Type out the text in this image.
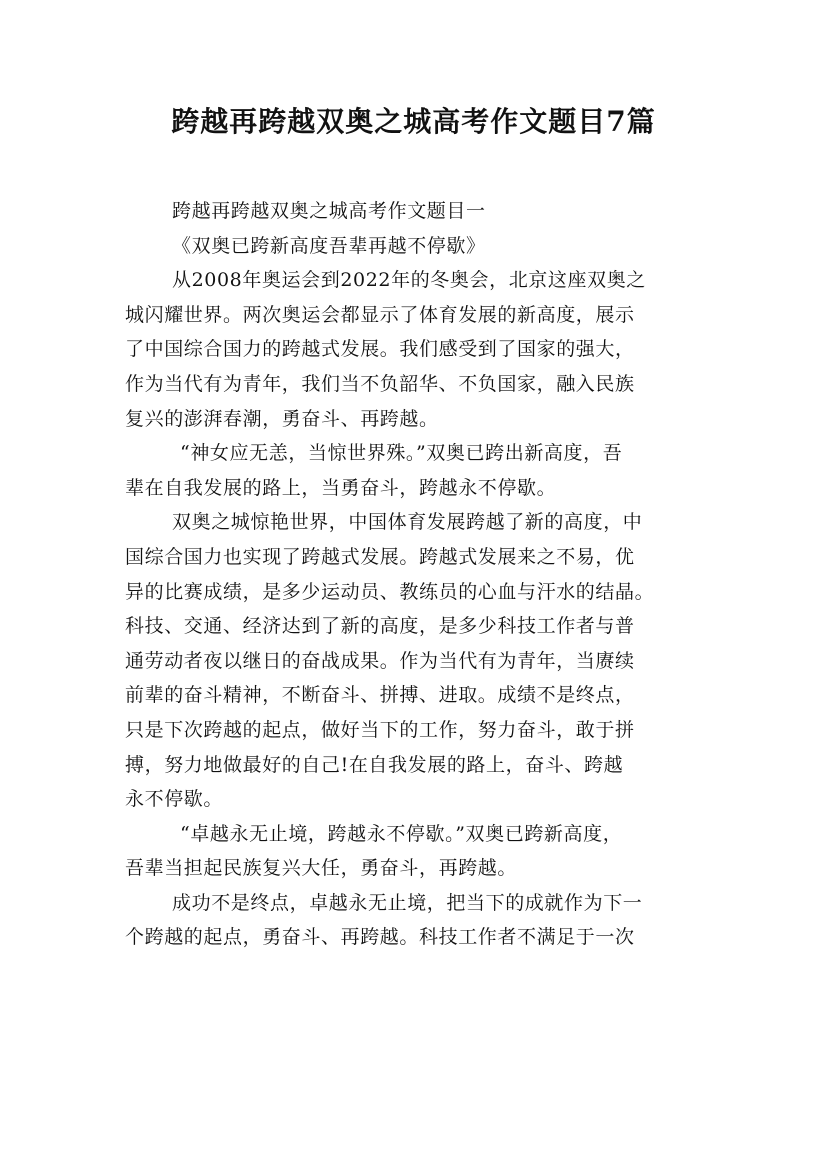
跨越再跨越双奥之城高考作文题目7篇
跨越再跨越双奥之城高考作文题目一
《双奥已跨新高度吾辈再越不停歇》
从2008年奥运会到2022年的冬奥会，北京这座双奥之
城闪耀世界。两次奥运会都显示了体育发展的新高度，展示
了中国综合国力的跨越式发展。我们感受到了国家的强大，
作为当代有为青年，我们当不负韶华、不负国家，融入民族
复兴的澎湃春潮，勇奋斗、再跨越。
“神女应无恙，当惊世界殊。”双奥已跨出新高度，吾
辈在自我发展的路上，当勇奋斗，跨越永不停歇。
双奥之城惊艳世界，中国体育发展跨越了新的高度，中
国综合国力也实现了跨越式发展。跨越式发展来之不易，优
异的比赛成绩，是多少运动员、教练员的心血与汗水的结晶。
科技、交通、经济达到了新的高度，是多少科技工作者与普
通劳动者夜以继日的奋战成果。作为当代有为青年，当赓续
前辈的奋斗精神，不断奋斗、拼搏、进取。成绩不是终点，
只是下次跨越的起点，做好当下的工作，努力奋斗，敢于拼
搏，努力地做最好的自己!在自我发展的路上，奋斗、跨越
永不停歇。
“卓越永无止境，跨越永不停歇。”双奥已跨新高度，
吾辈当担起民族复兴大任，勇奋斗，再跨越。
成功不是终点，卓越永无止境，把当下的成就作为下一
个跨越的起点，勇奋斗、再跨越。科技工作者不满足于一次
